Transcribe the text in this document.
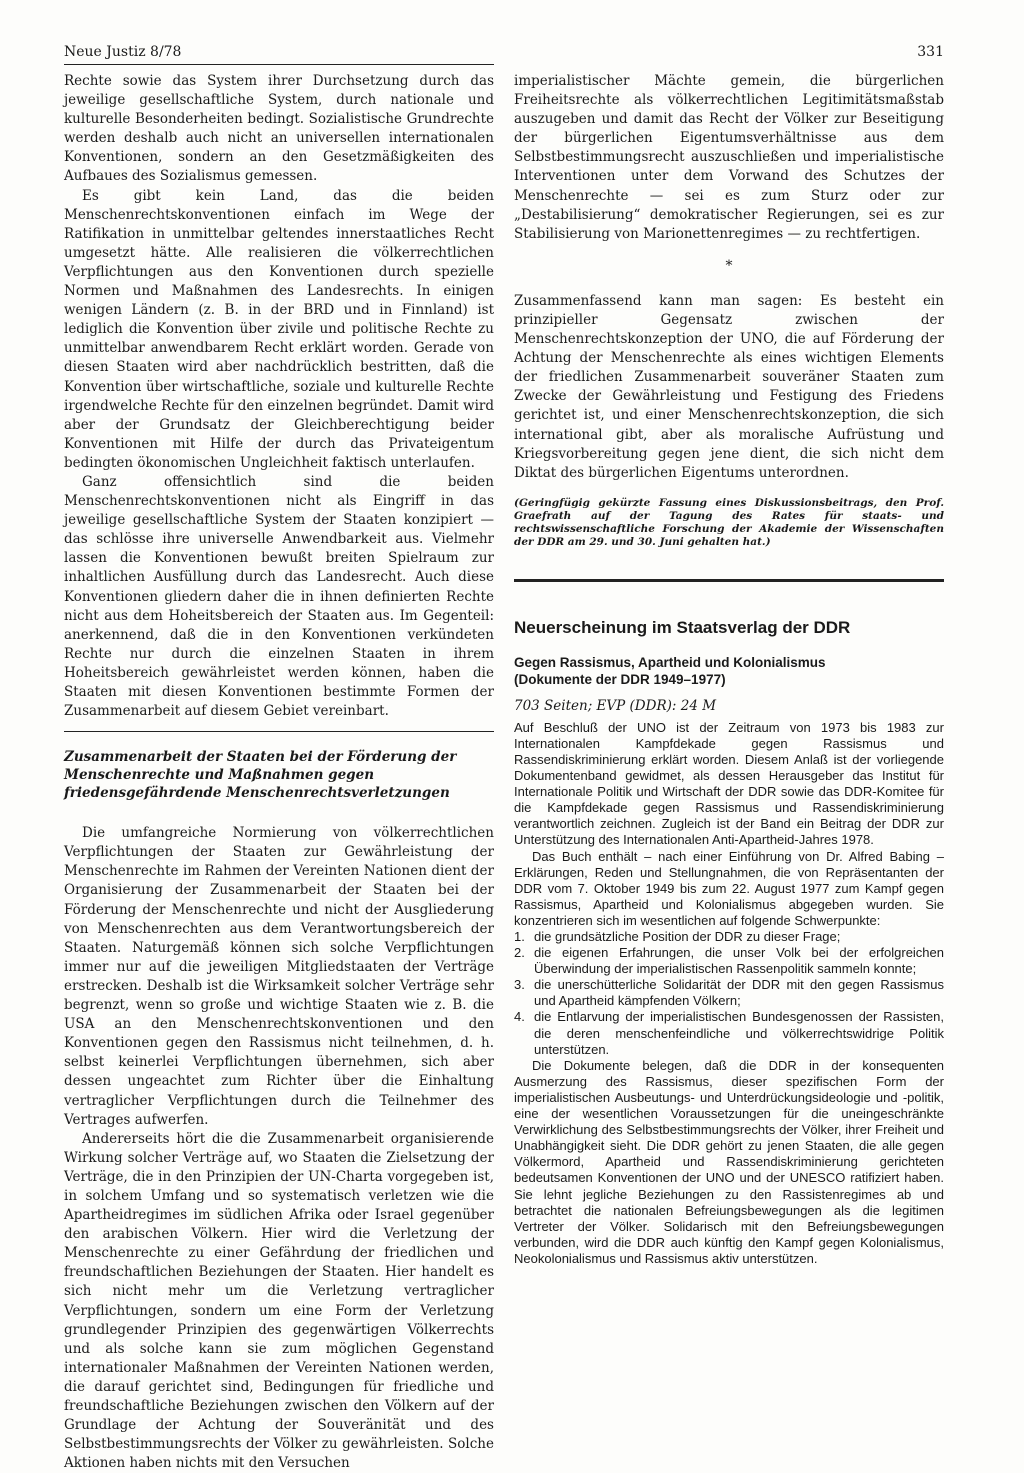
Neue Justiz 8/78	331

Rechte sowie das System ihrer Durchsetzung durch das jeweilige gesellschaftliche System, durch nationale und kulturelle Besonderheiten bedingt. Sozialistische Grundrechte werden deshalb auch nicht an universellen internationalen Konventionen, sondern an den Gesetzmäßigkeiten des Aufbaues des Sozialismus gemessen.

Es gibt kein Land, das die beiden Menschenrechtskonventionen einfach im Wege der Ratifikation in unmittelbar geltendes innerstaatliches Recht umgesetzt hätte. Alle realisieren die völkerrechtlichen Verpflichtungen aus den Konventionen durch spezielle Normen und Maßnahmen des Landesrechts. In einigen wenigen Ländern (z. B. in der BRD und in Finnland) ist lediglich die Konvention über zivile und politische Rechte zu unmittelbar anwendbarem Recht erklärt worden. Gerade von diesen Staaten wird aber nachdrücklich bestritten, daß die Konvention über wirtschaftliche, soziale und kulturelle Rechte irgendwelche Rechte für den einzelnen begründet. Damit wird aber der Grundsatz der Gleichberechtigung beider Konventionen mit Hilfe der durch das Privateigentum bedingten ökonomischen Ungleichheit faktisch unterlaufen.

Ganz offensichtlich sind die beiden Menschenrechtskonventionen nicht als Eingriff in das jeweilige gesellschaftliche System der Staaten konzipiert — das schlösse ihre universelle Anwendbarkeit aus. Vielmehr lassen die Konventionen bewußt breiten Spielraum zur inhaltlichen Ausfüllung durch das Landesrecht. Auch diese Konventionen gliedern daher die in ihnen definierten Rechte nicht aus dem Hoheitsbereich der Staaten aus. Im Gegenteil: anerkennend, daß die in den Konventionen verkündeten Rechte nur durch die einzelnen Staaten in ihrem Hoheitsbereich gewährleistet werden können, haben die Staaten mit diesen Konventionen bestimmte Formen der Zusammenarbeit auf diesem Gebiet vereinbart.

Zusammenarbeit der Staaten bei der Förderung der Menschenrechte und Maßnahmen gegen friedensgefährdende Menschenrechtsverletzungen

Die umfangreiche Normierung von völkerrechtlichen Verpflichtungen der Staaten zur Gewährleistung der Menschenrechte im Rahmen der Vereinten Nationen dient der Organisierung der Zusammenarbeit der Staaten bei der Förderung der Menschenrechte und nicht der Ausgliederung von Menschenrechten aus dem Verantwortungsbereich der Staaten. Naturgemäß können sich solche Verpflichtungen immer nur auf die jeweiligen Mitgliedstaaten der Verträge erstrecken. Deshalb ist die Wirksamkeit solcher Verträge sehr begrenzt, wenn so große und wichtige Staaten wie z. B. die USA an den Menschenrechtskonventionen und den Konventionen gegen den Rassismus nicht teilnehmen, d. h. selbst keinerlei Verpflichtungen übernehmen, sich aber dessen ungeachtet zum Richter über die Einhaltung vertraglicher Verpflichtungen durch die Teilnehmer des Vertrages aufwerfen.

Andererseits hört die die Zusammenarbeit organisierende Wirkung solcher Verträge auf, wo Staaten die Zielsetzung der Verträge, die in den Prinzipien der UN-Charta vorgegeben ist, in solchem Umfang und so systematisch verletzen wie die Apartheidregimes im südlichen Afrika oder Israel gegenüber den arabischen Völkern. Hier wird die Verletzung der Menschenrechte zu einer Gefährdung der friedlichen und freundschaftlichen Beziehungen der Staaten. Hier handelt es sich nicht mehr um die Verletzung vertraglicher Verpflichtungen, sondern um eine Form der Verletzung grundlegender Prinzipien des gegenwärtigen Völkerrechts und als solche kann sie zum möglichen Gegenstand internationaler Maßnahmen der Vereinten Nationen werden, die darauf gerichtet sind, Bedingungen für friedliche und freundschaftliche Beziehungen zwischen den Völkern auf der Grundlage der Achtung der Souveränität und des Selbstbestimmungsrechts der Völker zu gewährleisten. Solche Aktionen haben nichts mit den Versuchen

imperialistischer Mächte gemein, die bürgerlichen Freiheitsrechte als völkerrechtlichen Legitimitätsmaßstab auszugeben und damit das Recht der Völker zur Beseitigung der bürgerlichen Eigentumsverhältnisse aus dem Selbstbestimmungsrecht auszuschließen und imperialistische Interventionen unter dem Vorwand des Schutzes der Menschenrechte — sei es zum Sturz oder zur „Destabilisierung“ demokratischer Regierungen, sei es zur Stabilisierung von Marionettenregimes — zu rechtfertigen.

*

Zusammenfassend kann man sagen: Es besteht ein prinzipieller Gegensatz zwischen der Menschenrechtskonzeption der UNO, die auf Förderung der Achtung der Menschenrechte als eines wichtigen Elements der friedlichen Zusammenarbeit souveräner Staaten zum Zwecke der Gewährleistung und Festigung des Friedens gerichtet ist, und einer Menschenrechtskonzeption, die sich international gibt, aber als moralische Aufrüstung und Kriegsvorbereitung gegen jene dient, die sich nicht dem Diktat des bürgerlichen Eigentums unterordnen.

(Geringfügig gekürzte Fassung eines Diskussionsbeitrags, den Prof. Graefrath auf der Tagung des Rates für staats- und rechtswissenschaftliche Forschung der Akademie der Wissenschaften der DDR am 29. und 30. Juni gehalten hat.)
Neuerscheinung im Staatsverlag der DDR
Gegen Rassismus, Apartheid und Kolonialismus
(Dokumente der DDR 1949–1977)
703 Seiten; EVP (DDR): 24 M

Auf Beschluß der UNO ist der Zeitraum von 1973 bis 1983 zur Internationalen Kampfdekade gegen Rassismus und Rassendiskriminierung erklärt worden. Diesem Anlaß ist der vorliegende Dokumentenband gewidmet, als dessen Herausgeber das Institut für Internationale Politik und Wirtschaft der DDR sowie das DDR-Komitee für die Kampfdekade gegen Rassismus und Rassendiskriminierung verantwortlich zeichnen. Zugleich ist der Band ein Beitrag der DDR zur Unterstützung des Internationalen Anti-Apartheid-Jahres 1978.

Das Buch enthält – nach einer Einführung von Dr. Alfred Babing – Erklärungen, Reden und Stellungnahmen, die von Repräsentanten der DDR vom 7. Oktober 1949 bis zum 22. August 1977 zum Kampf gegen Rassismus, Apartheid und Kolonialismus abgegeben wurden. Sie konzentrieren sich im wesentlichen auf folgende Schwerpunkte:

1. die grundsätzliche Position der DDR zu dieser Frage;
2. die eigenen Erfahrungen, die unser Volk bei der erfolgreichen Überwindung der imperialistischen Rassenpolitik sammeln konnte;
3. die unerschütterliche Solidarität der DDR mit den gegen Rassismus und Apartheid kämpfenden Völkern;
4. die Entlarvung der imperialistischen Bundesgenossen der Rassisten, die deren menschenfeindliche und völkerrechtswidrige Politik unterstützen.

Die Dokumente belegen, daß die DDR in der konsequenten Ausmerzung des Rassismus, dieser spezifischen Form der imperialistischen Ausbeutungs- und Unterdrückungsideologie und -politik, eine der wesentlichen Voraussetzungen für die uneingeschränkte Verwirklichung des Selbstbestimmungsrechts der Völker, ihrer Freiheit und Unabhängigkeit sieht. Die DDR gehört zu jenen Staaten, die alle gegen Völkermord, Apartheid und Rassendiskriminierung gerichteten bedeutsamen Konventionen der UNO und der UNESCO ratifiziert haben. Sie lehnt jegliche Beziehungen zu den Rassistenregimes ab und betrachtet die nationalen Befreiungsbewegungen als die legitimen Vertreter der Völker. Solidarisch mit den Befreiungsbewegungen verbunden, wird die DDR auch künftig den Kampf gegen Kolonialismus, Neokolonialismus und Rassismus aktiv unterstützen.
